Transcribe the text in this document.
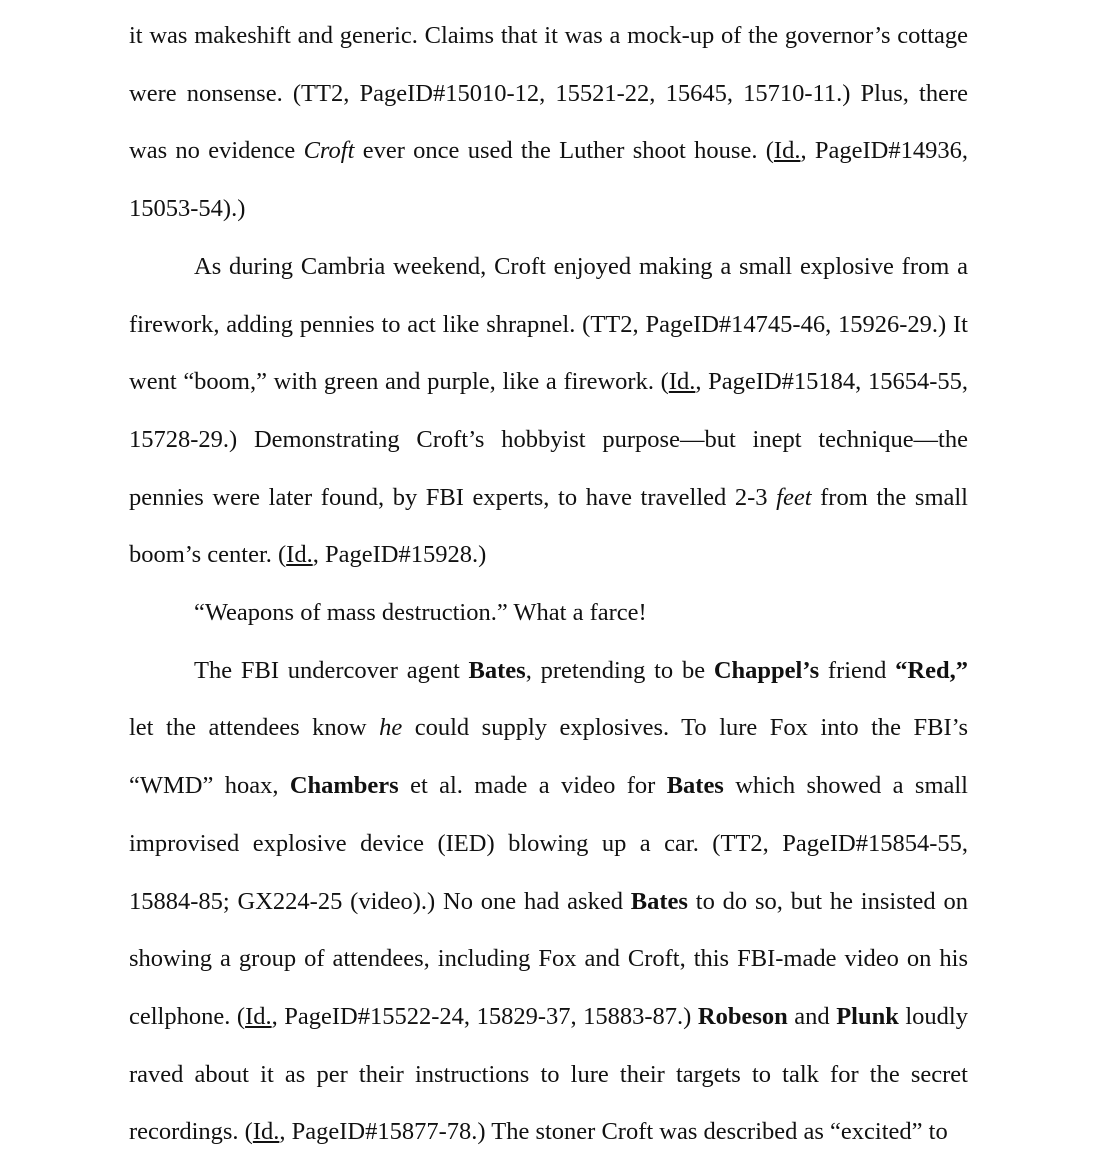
it was makeshift and generic. Claims that it was a mock-up of the governor’s cottage were nonsense. (TT2, PageID#15010-12, 15521-22, 15645, 15710-11.) Plus, there was no evidence Croft ever once used the Luther shoot house. (Id., PageID#14936, 15053-54).)

As during Cambria weekend, Croft enjoyed making a small explosive from a firework, adding pennies to act like shrapnel. (TT2, PageID#14745-46, 15926-29.) It went “boom,” with green and purple, like a firework. (Id., PageID#15184, 15654-55, 15728-29.) Demonstrating Croft’s hobbyist purpose—but inept technique—the pennies were later found, by FBI experts, to have travelled 2-3 feet from the small boom’s center. (Id., PageID#15928.)

“Weapons of mass destruction.” What a farce!

The FBI undercover agent Bates, pretending to be Chappel’s friend “Red,” let the attendees know he could supply explosives. To lure Fox into the FBI’s “WMD” hoax, Chambers et al. made a video for Bates which showed a small improvised explosive device (IED) blowing up a car. (TT2, PageID#15854-55, 15884-85; GX224-25 (video).) No one had asked Bates to do so, but he insisted on showing a group of attendees, including Fox and Croft, this FBI-made video on his cellphone. (Id., PageID#15522-24, 15829-37, 15883-87.) Robeson and Plunk loudly raved about it as per their instructions to lure their targets to talk for the secret recordings. (Id., PageID#15877-78.) The stoner Croft was described as “excited” to
